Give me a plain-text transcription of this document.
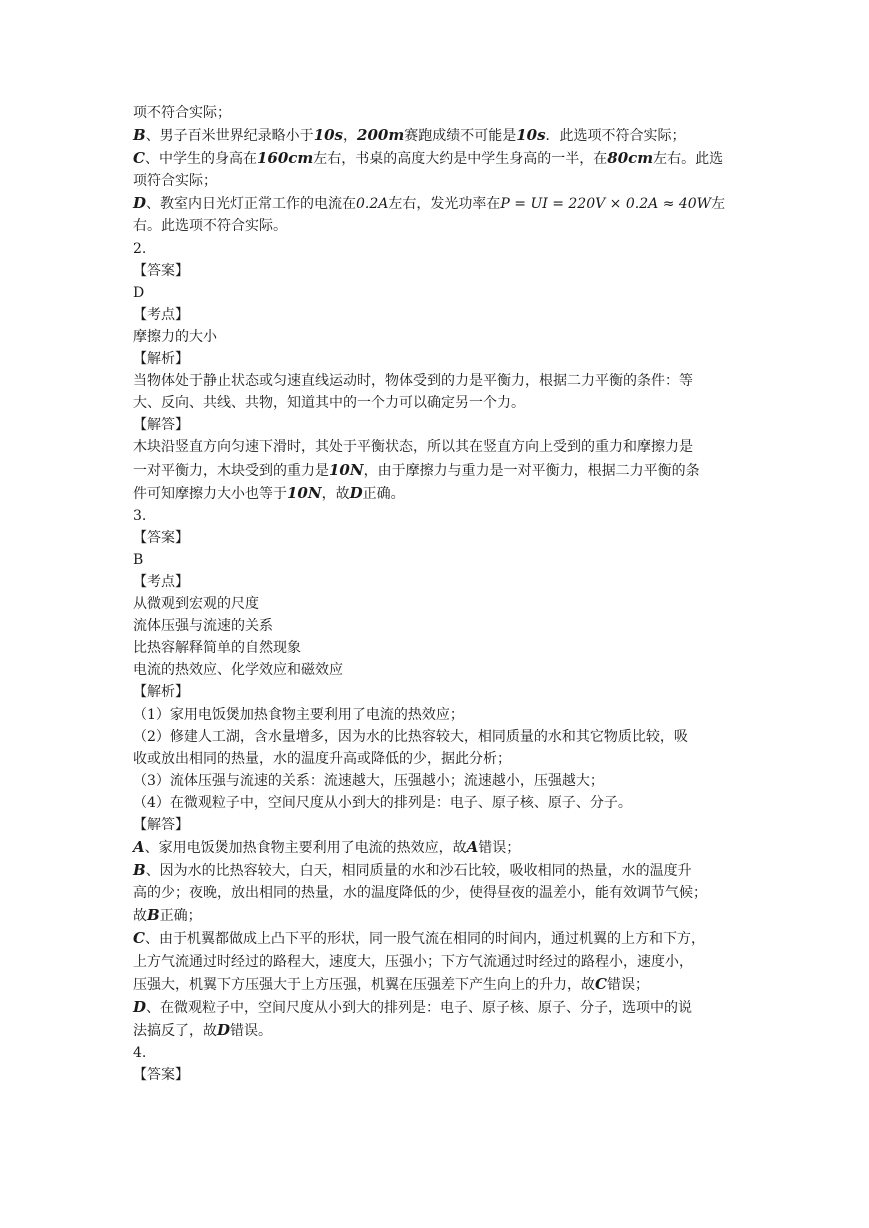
项不符合实际；
B、男子百米世界纪录略小于10s，200m赛跑成绩不可能是10s．此选项不符合实际；
C、中学生的身高在160cm左右，书桌的高度大约是中学生身高的一半，在80cm左右。此选
项符合实际；
D、教室内日光灯正常工作的电流在0.2A左右，发光功率在P = UI = 220V × 0.2A ≈ 40W左
右。此选项不符合实际。
2.
【答案】
D
【考点】
摩擦力的大小
【解析】
当物体处于静止状态或匀速直线运动时，物体受到的力是平衡力，根据二力平衡的条件：等
大、反向、共线、共物，知道其中的一个力可以确定另一个力。
【解答】
木块沿竖直方向匀速下滑时，其处于平衡状态，所以其在竖直方向上受到的重力和摩擦力是
一对平衡力，木块受到的重力是10N，由于摩擦力与重力是一对平衡力，根据二力平衡的条
件可知摩擦力大小也等于10N，故D正确。
3.
【答案】
B
【考点】
从微观到宏观的尺度
流体压强与流速的关系
比热容解释简单的自然现象
电流的热效应、化学效应和磁效应
【解析】
（1）家用电饭煲加热食物主要利用了电流的热效应；
（2）修建人工湖，含水量增多，因为水的比热容较大，相同质量的水和其它物质比较，吸
收或放出相同的热量，水的温度升高或降低的少，据此分析；
（3）流体压强与流速的关系：流速越大，压强越小；流速越小，压强越大；
（4）在微观粒子中，空间尺度从小到大的排列是：电子、原子核、原子、分子。
【解答】
A、家用电饭煲加热食物主要利用了电流的热效应，故A错误；
B、因为水的比热容较大，白天，相同质量的水和沙石比较，吸收相同的热量，水的温度升
高的少；夜晚，放出相同的热量，水的温度降低的少，使得昼夜的温差小，能有效调节气候；
故B正确；
C、由于机翼都做成上凸下平的形状，同一股气流在相同的时间内，通过机翼的上方和下方，
上方气流通过时经过的路程大，速度大，压强小；下方气流通过时经过的路程小，速度小，
压强大，机翼下方压强大于上方压强，机翼在压强差下产生向上的升力，故C错误；
D、在微观粒子中，空间尺度从小到大的排列是：电子、原子核、原子、分子，选项中的说
法搞反了，故D错误。
4.
【答案】
